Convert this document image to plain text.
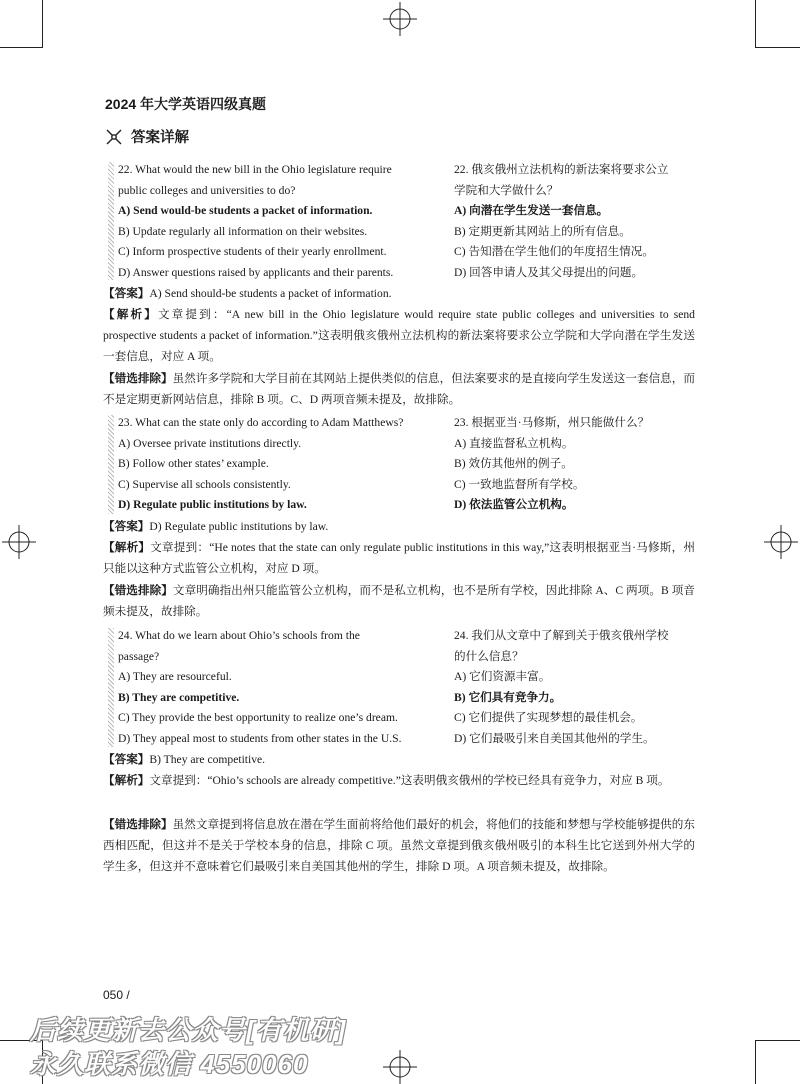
2024 年大学英语四级真题
答案详解
22. What would the new bill in the Ohio legislature require
public colleges and universities to do?
A) Send would-be students a packet of information.
B) Update regularly all information on their websites.
C) Inform prospective students of their yearly enrollment.
D) Answer questions raised by applicants and their parents.
22. 俄亥俄州立法机构的新法案将要求公立
学院和大学做什么？
A) 向潜在学生发送一套信息。
B) 定期更新其网站上的所有信息。
C) 告知潜在学生他们的年度招生情况。
D) 回答申请人及其父母提出的问题。
【答案】A) Send should-be students a packet of information.
【解析】文章提到：“A new bill in the Ohio legislature would require state public colleges and universities to send prospective students a packet of information.”这表明俄亥俄州立法机构的新法案将要求公立学院和大学向潜在学生发送一套信息，对应 A 项。
【错选排除】虽然许多学院和大学目前在其网站上提供类似的信息，但法案要求的是直接向学生发送这一套信息，而不是定期更新网站信息，排除 B 项。C、D 两项音频未提及，故排除。
23. What can the state only do according to Adam Matthews?
A) Oversee private institutions directly.
B) Follow other states’ example.
C) Supervise all schools consistently.
D) Regulate public institutions by law.
23. 根据亚当·马修斯，州只能做什么？
A) 直接监督私立机构。
B) 效仿其他州的例子。
C) 一致地监督所有学校。
D) 依法监管公立机构。
【答案】D) Regulate public institutions by law.
【解析】文章提到：“He notes that the state can only regulate public institutions in this way,”这表明根据亚当·马修斯，州只能以这种方式监管公立机构，对应 D 项。
【错选排除】文章明确指出州只能监管公立机构，而不是私立机构，也不是所有学校，因此排除 A、C 两项。B 项音频未提及，故排除。
24. What do we learn about Ohio’s schools from the
passage?
A) They are resourceful.
B) They are competitive.
C) They provide the best opportunity to realize one’s dream.
D) They appeal most to students from other states in the U.S.
24. 我们从文章中了解到关于俄亥俄州学校
的什么信息？
A) 它们资源丰富。
B) 它们具有竞争力。
C) 它们提供了实现梦想的最佳机会。
D) 它们最吸引来自美国其他州的学生。
【答案】B) They are competitive.
【解析】文章提到：“Ohio’s schools are already competitive.”这表明俄亥俄州的学校已经具有竞争力，对应 B 项。
【错选排除】虽然文章提到将信息放在潜在学生面前将给他们最好的机会，将他们的技能和梦想与学校能够提供的东西相匹配，但这并不是关于学校本身的信息，排除 C 项。虽然文章提到俄亥俄州吸引的本科生比它送到外州大学的学生多，但这并不意味着它们最吸引来自美国其他州的学生，排除 D 项。A 项音频未提及，故排除。
050 /
后续更新去公众号[有机研]
永久联系微信 4550060
